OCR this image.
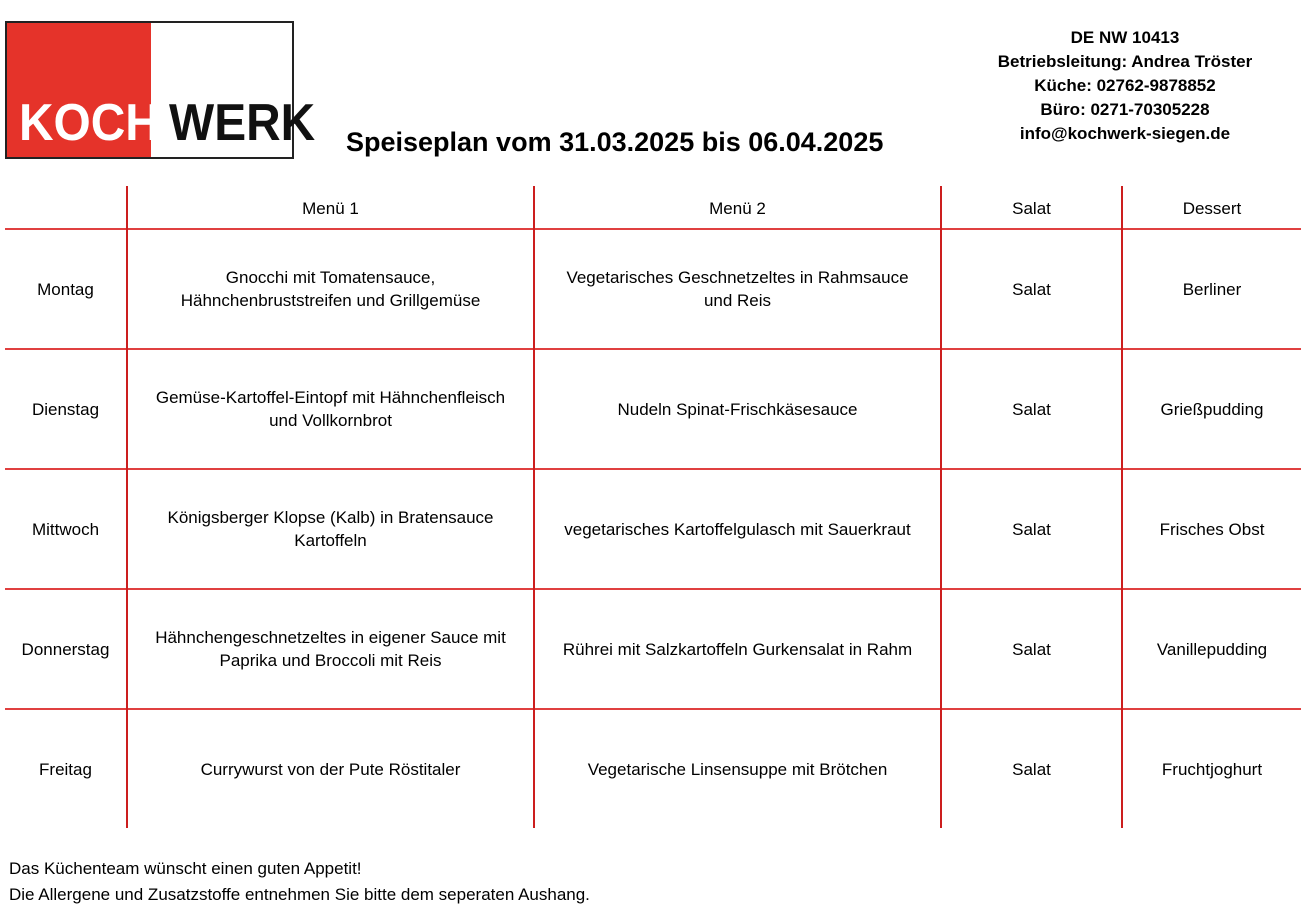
KOCH WERK Speiseplan vom 31.03.2025 bis 06.04.2025
DE NW 10413
Betriebsleitung: Andrea Tröster
Küche: 02762-9878852
Büro: 0271-70305228
info@kochwerk-siegen.de
	Menü 1	Menü 2	Salat	Dessert
Montag	Gnocchi mit Tomatensauce,
Hähnchenbruststreifen und Grillgemüse	Vegetarisches Geschnetzeltes in Rahmsauce
und Reis	Salat	Berliner
Dienstag	Gemüse-Kartoffel-Eintopf mit Hähnchenfleisch
und Vollkornbrot	Nudeln Spinat-Frischkäsesauce	Salat	Grießpudding
Mittwoch	Königsberger Klopse (Kalb) in Bratensauce
Kartoffeln	vegetarisches Kartoffelgulasch mit Sauerkraut	Salat	Frisches Obst
Donnerstag	Hähnchengeschnetzeltes in eigener Sauce mit
Paprika und Broccoli mit Reis	Rührei mit Salzkartoffeln Gurkensalat in Rahm	Salat	Vanillepudding
Freitag	Currywurst von der Pute Röstitaler	Vegetarische Linsensuppe mit Brötchen	Salat	Fruchtjoghurt
Das Küchenteam wünscht einen guten Appetit!
Die Allergene und Zusatzstoffe entnehmen Sie bitte dem seperaten Aushang.
